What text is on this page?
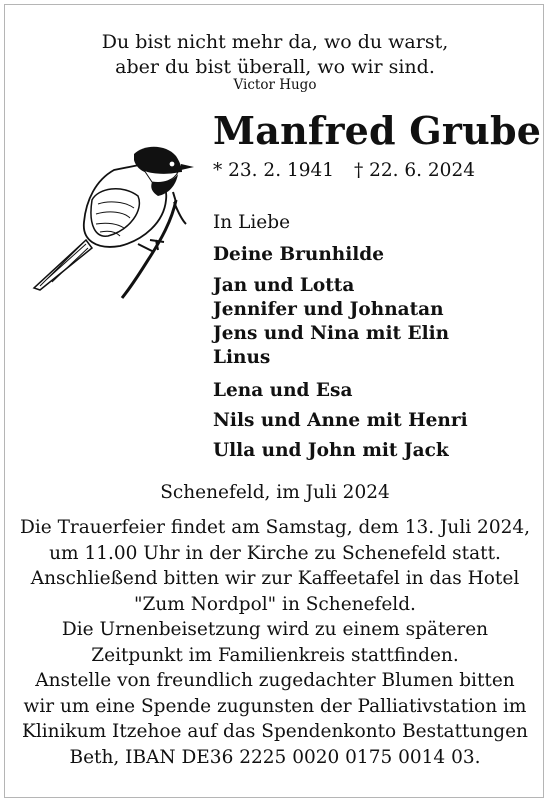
Du bist nicht mehr da, wo du warst,
aber du bist überall, wo wir sind.
Victor Hugo
Manfred Grube
* 23. 2. 1941 † 22. 6. 2024
In Liebe
Deine Brunhilde
Jan und Lotta
Jennifer und Johnatan
Jens und Nina mit Elin
Linus
Lena und Esa
Nils und Anne mit Henri
Ulla und John mit Jack
Schenefeld, im Juli 2024
Die Trauerfeier findet am Samstag, dem 13. Juli 2024,
um 11.00 Uhr in der Kirche zu Schenefeld statt.
Anschließend bitten wir zur Kaffeetafel in das Hotel
"Zum Nordpol" in Schenefeld.
Die Urnenbeisetzung wird zu einem späteren
Zeitpunkt im Familienkreis stattfinden.
Anstelle von freundlich zugedachter Blumen bitten
wir um eine Spende zugunsten der Palliativstation im
Klinikum Itzehoe auf das Spendenkonto Bestattungen
Beth, IBAN DE36 2225 0020 0175 0014 03.
